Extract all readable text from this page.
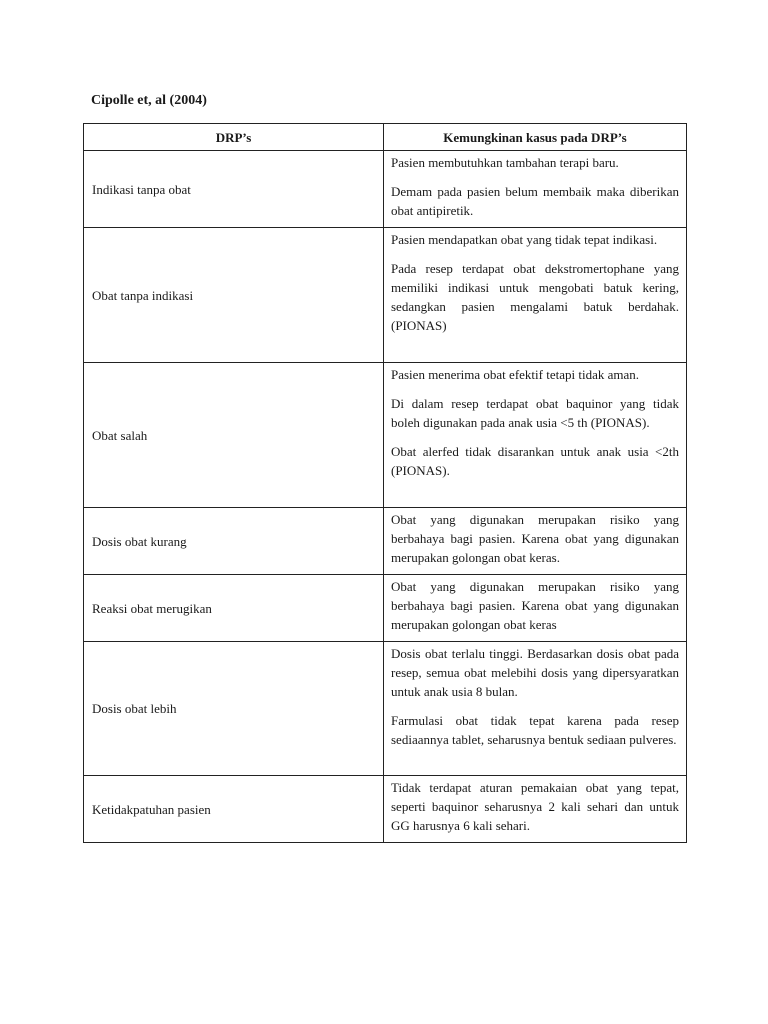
Cipolle et, al (2004)

DRP’s	Kemungkinan kasus pada DRP’s
Indikasi tanpa obat	Pasien membutuhkan tambahan terapi baru.

Demam pada pasien belum membaik maka diberikan obat antipiretik.

Obat tanpa indikasi	Pasien mendapatkan obat yang tidak tepat indikasi.

Pada resep terdapat obat dekstromertophane yang memiliki indikasi untuk mengobati batuk kering, sedangkan pasien mengalami batuk berdahak.(PIONAS)

Obat salah	Pasien menerima obat efektif tetapi tidak aman.

Di dalam resep terdapat obat baquinor yang tidak boleh digunakan pada anak usia <5 th (PIONAS).

Obat alerfed tidak disarankan untuk anak usia <2th (PIONAS).

Dosis obat kurang	Obat yang digunakan merupakan risiko yang berbahaya bagi pasien. Karena obat yang digunakan merupakan golongan obat keras.

Reaksi obat merugikan	Obat yang digunakan merupakan risiko yang berbahaya bagi pasien. Karena obat yang digunakan merupakan golongan obat keras

Dosis obat lebih	Dosis obat terlalu tinggi. Berdasarkan dosis obat pada resep, semua obat melebihi dosis yang dipersyaratkan untuk anak usia 8 bulan.

Farmulasi obat tidak tepat karena pada resep sediaannya tablet, seharusnya bentuk sediaan pulveres.

Ketidakpatuhan pasien	Tidak terdapat aturan pemakaian obat yang tepat, seperti baquinor seharusnya 2 kali sehari dan untuk GG harusnya 6 kali sehari.
